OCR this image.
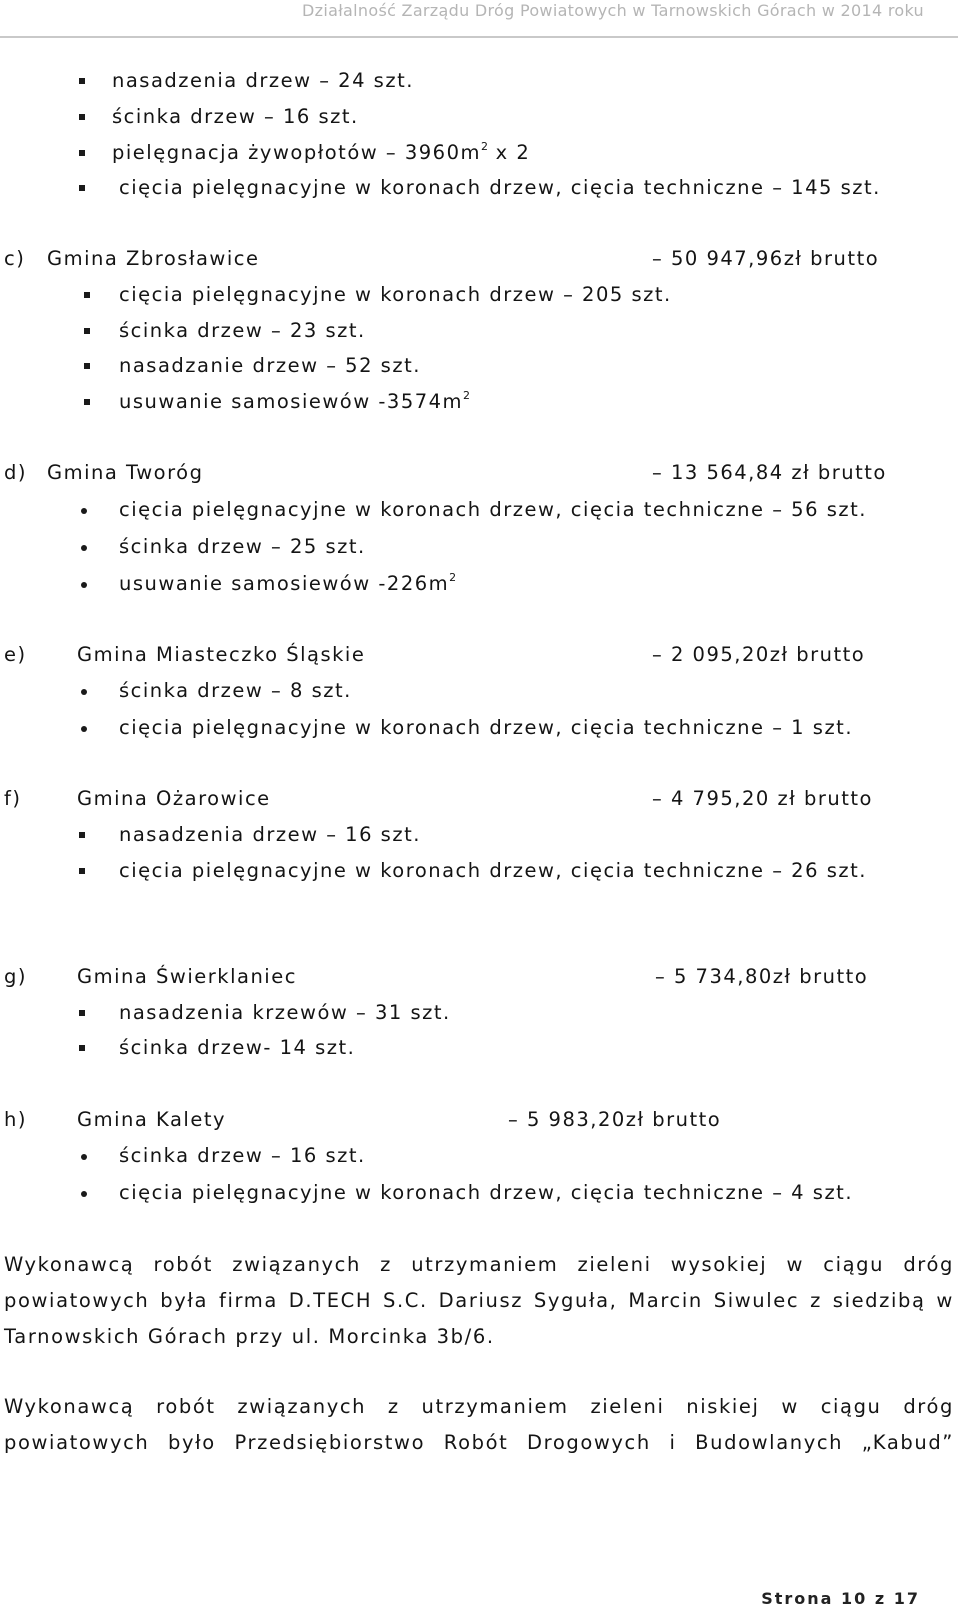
Działalność Zarządu Dróg Powiatowych w Tarnowskich Górach w 2014 roku
nasadzenia drzew – 24 szt.
ścinka drzew – 16 szt.
pielęgnacja żywopłotów – $3960m^2$ x 2
cięcia pielęgnacyjne w koronach drzew, cięcia techniczne – 145 szt.
c) Gmina Zbrosławice	– 50 947,96zł brutto
cięcia pielęgnacyjne w koronach drzew – 205 szt.
ścinka drzew – 23 szt.
nasadzanie drzew – 52 szt.
usuwanie samosiewów $-3574m^2$
d) Gmina Tworóg	– 13 564,84 zł brutto
cięcia pielęgnacyjne w koronach drzew, cięcia techniczne – 56 szt.
ścinka drzew – 25 szt.
usuwanie samosiewów $-226m^2$
e)	Gmina Miasteczko Śląskie	– 2 095,20zł brutto
ścinka drzew – 8 szt.
cięcia pielęgnacyjne w koronach drzew, cięcia techniczne – 1 szt.
f)	Gmina Ożarowice	– 4 795,20 zł brutto
nasadzenia drzew – 16 szt.
cięcia pielęgnacyjne w koronach drzew, cięcia techniczne – 26 szt.
g)	Gmina Świerklaniec	– 5 734,80zł brutto
nasadzenia krzewów – 31 szt.
ścinka drzew- 14 szt.
h)	Gmina Kalety	– 5 983,20zł brutto
ścinka drzew – 16 szt.
cięcia pielęgnacyjne w koronach drzew, cięcia techniczne – 4 szt.
Wykonawcą robót związanych z utrzymaniem zieleni wysokiej w ciągu dróg
powiatowych była firma D.TECH S.C. Dariusz Syguła, Marcin Siwulec z siedzibą w
Tarnowskich Górach przy ul. Morcinka 3b/6.
Wykonawcą robót związanych z utrzymaniem zieleni niskiej w ciągu dróg
powiatowych było Przedsiębiorstwo Robót Drogowych i Budowlanych „Kabud”
Strona 10 z 17
